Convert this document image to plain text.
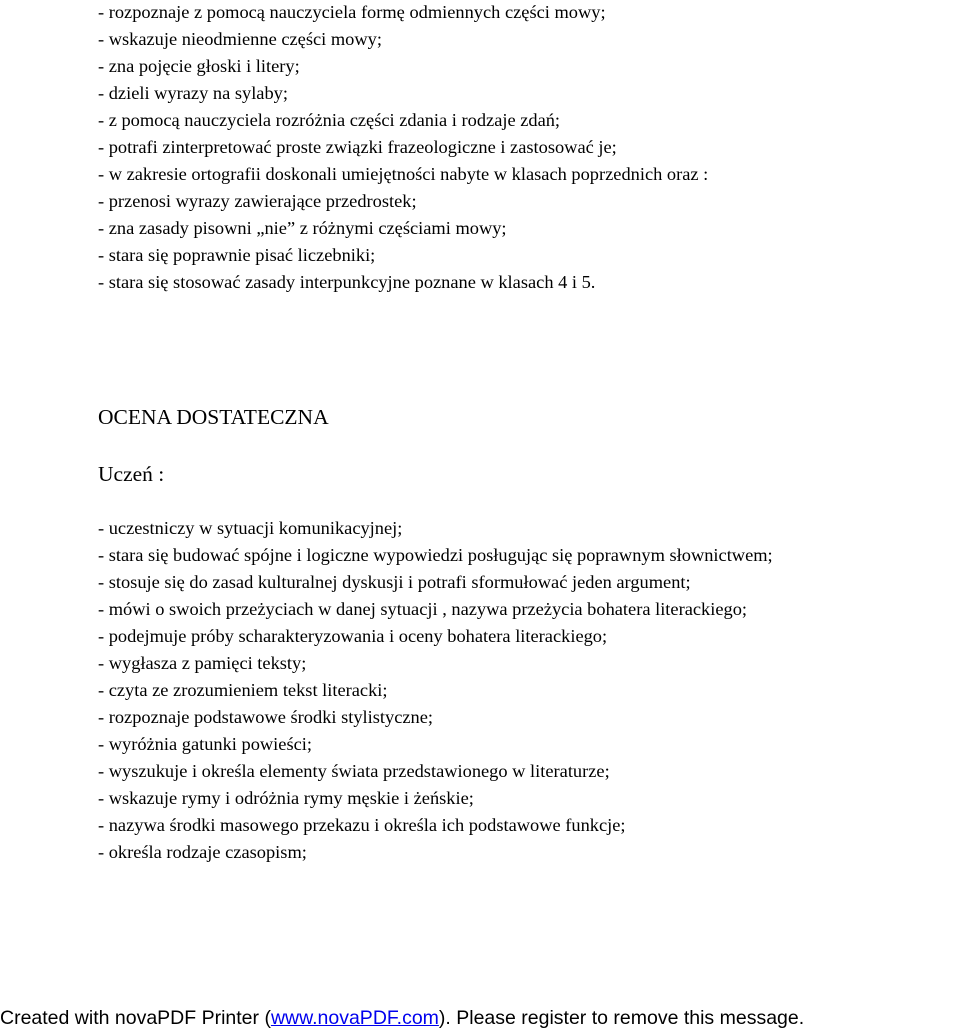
- rozpoznaje z pomocą nauczyciela formę odmiennych części mowy;
- wskazuje nieodmienne części mowy;
- zna pojęcie głoski i litery;
- dzieli wyrazy na sylaby;
- z pomocą nauczyciela rozróżnia części zdania i rodzaje zdań;
- potrafi zinterpretować proste związki frazeologiczne i zastosować je;
- w zakresie ortografii doskonali umiejętności nabyte w klasach poprzednich oraz :
- przenosi wyrazy zawierające przedrostek;
- zna zasady pisowni „nie” z różnymi częściami mowy;
- stara się poprawnie pisać liczebniki;
- stara się stosować zasady interpunkcyjne poznane w klasach 4 i 5.
OCENA DOSTATECZNA

Uczeń :

- uczestniczy w sytuacji komunikacyjnej;
- stara się budować spójne i logiczne wypowiedzi posługując się poprawnym słownictwem;
- stosuje się do zasad kulturalnej dyskusji i potrafi sformułować jeden argument;
- mówi o swoich przeżyciach w danej sytuacji , nazywa przeżycia bohatera literackiego;
- podejmuje próby scharakteryzowania i oceny bohatera literackiego;
- wygłasza z pamięci teksty;
- czyta ze zrozumieniem tekst literacki;
- rozpoznaje podstawowe środki stylistyczne;
- wyróżnia gatunki powieści;
- wyszukuje i określa elementy świata przedstawionego w literaturze;
- wskazuje rymy i odróżnia rymy męskie i żeńskie;
- nazywa środki masowego przekazu i określa ich podstawowe funkcje;
- określa rodzaje czasopism;
Created with novaPDF Printer (www.novaPDF.com). Please register to remove this message.
